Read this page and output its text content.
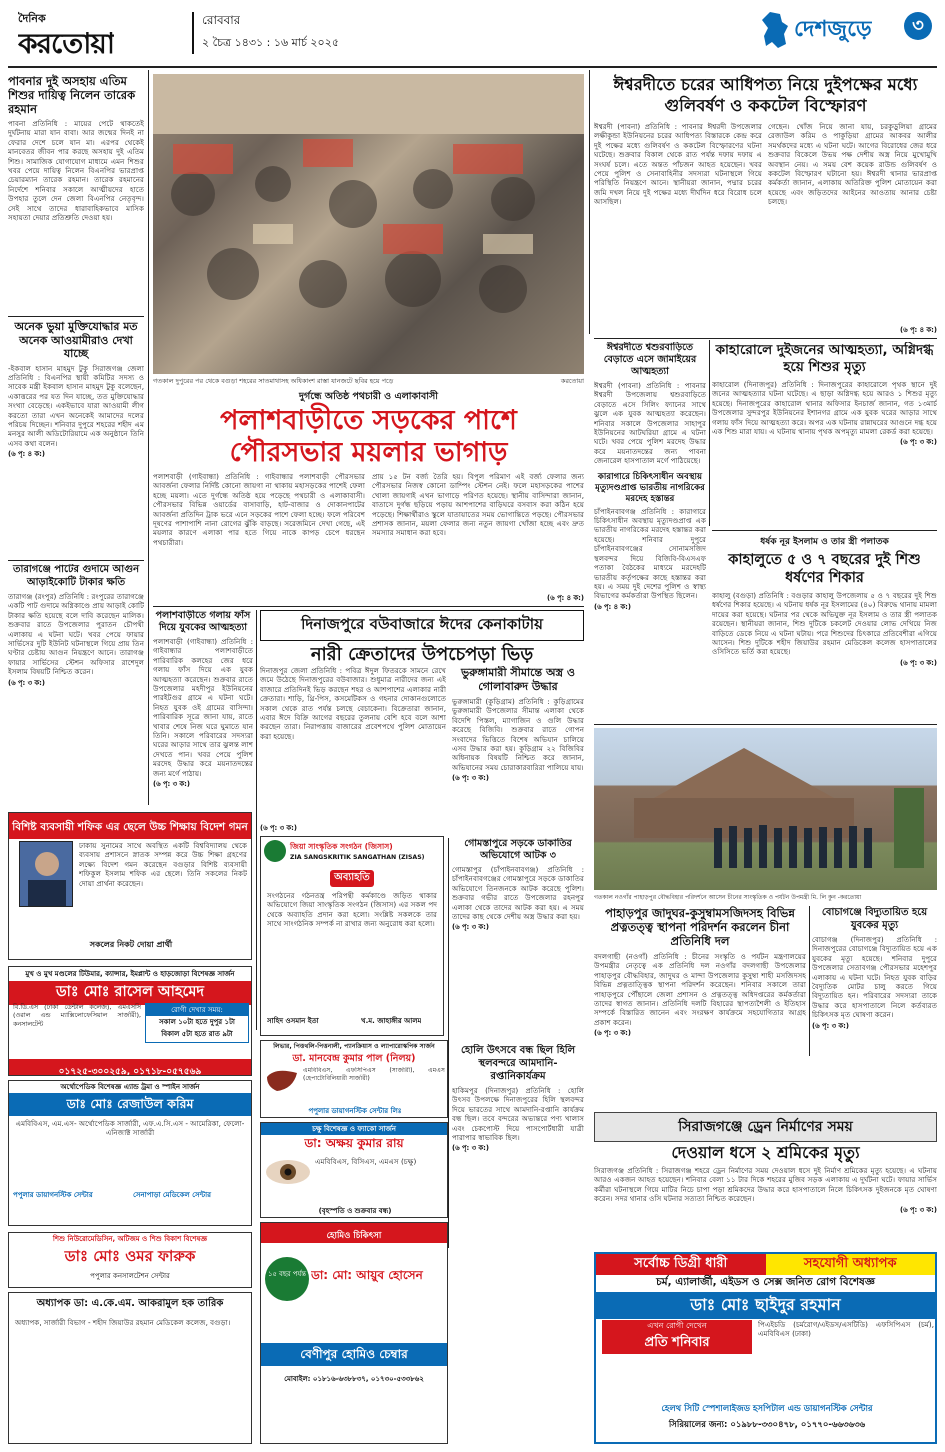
দৈনিক
করতোয়া
রোববার
২ চৈত্র ১৪৩১ : ১৬ মার্চ ২০২৫
দেশজুড়ে	৩
পাবনার দুই অসহায় এতিম শিশুর দায়িত্ব নিলেন তারেক রহমান
পাবনা প্রতিনিধি : মায়ের পেটে থাকতেই দুর্ঘটনায় মারা যান বাবা। আর জন্মের দিনই না ফেরার দেশে চলে যান মা। এরপর থেকেই মানবেতর জীবন পার করছে অসহায় দুই এতিম শিশু। সামাজিক যোগাযোগ মাধ্যমে এমন শিশুর খবর পেয়ে দায়িত্ব নিলেন বিএনপির ভারপ্রাপ্ত চেয়ারম্যান তারেক রহমান। তারেক রহমানের নির্দেশে শনিবার সকালে আত্মীয়দের হাতে উপহার তুলে দেন জেলা বিএনপির নেতৃবৃন্দ। সেই সাথে তাদের ধারাবাহিকভাবে মাসিক সহায়তা দেয়ার প্রতিশ্রুতি দেওয়া হয়।
অনেক ভুয়া মুক্তিযোদ্ধার মত অনেক আওয়ামীরাও দেখা যাচ্ছে
-ইকবাল হাসান মাহমুদ টুকু সিরাজগঞ্জ জেলা প্রতিনিধি : বিএনপির স্থায়ী কমিটির সদস্য ও সাবেক মন্ত্রী ইকবাল হাসান মাহমুদ টুকু বলেছেন, একাত্তরের পর যত দিন যাচ্ছে, তত মুক্তিযোদ্ধার সংখ্যা বেড়েছে। একইভাবে যারা আওয়ামী লীগ করতো তারা এখন অনেকেই আমাদের দলের পরিচয় দিচ্ছেন। শনিবার দুপুরে শহরের শহীদ এম মনসুর আলী অডিটোরিয়ামে এক অনুষ্ঠানে তিনি এসব কথা বলেন।
(৬ পৃ: ৪ ক:)
তারাগঞ্জে পাটের গুদামে আগুন আড়াইকোটি টাকার ক্ষতি
তারাগঞ্জ (রংপুর) প্রতিনিধি : রংপুরের তারাগঞ্জে একটি পাট গুদামে অগ্নিকাণ্ডে প্রায় আড়াই কোটি টাকার ক্ষতি হয়েছে বলে দাবি করেছেন মালিক। শুক্রবার রাতে উপজেলার পুরাতন চৌপথী এলাকায় এ ঘটনা ঘটে। খবর পেয়ে ফায়ার সার্ভিসের দুটি ইউনিট ঘটনাস্থলে গিয়ে প্রায় তিন ঘণ্টার চেষ্টায় আগুন নিয়ন্ত্রণে আনে। তারাগঞ্জ ফায়ার সার্ভিসের স্টেশন অফিসার রাশেদুল ইসলাম বিষয়টি নিশ্চিত করেন।
(৬ পৃ: ৩ ক:)
গতকাল দুপুরের পর থেকে বগুড়া শহরের সাতমাথাসহ অধিকাংশ রাস্তা যানজটে ছবির হয়ে পড়ে	করতোয়া
ঈশ্বরদীতে চরের আধিপত্য নিয়ে দুইপক্ষের মধ্যে গুলিবর্ষণ ও ককটেল বিস্ফোরণ
ঈশ্বরদী (পাবনা) প্রতিনিধি : পাবনার ঈশ্বরদী উপজেলার লক্ষীকুন্ডা ইউনিয়নের চরের আধিপত্য বিস্তারকে কেন্দ্র করে দুই পক্ষের মধ্যে গুলিবর্ষণ ও ককটেল বিস্ফোরণের ঘটনা ঘটেছে। শুক্রবার বিকাল থেকে রাত পর্যন্ত দফায় দফায় এ সংঘর্ষ চলে। এতে অন্তত পাঁচজন আহত হয়েছেন। খবর পেয়ে পুলিশ ও সেনাবাহিনীর সদস্যরা ঘটনাস্থলে গিয়ে পরিস্থিতি নিয়ন্ত্রণে আনে। স্থানীয়রা জানান, পদ্মার চরের জমি দখল নিয়ে দুই পক্ষের মধ্যে দীর্ঘদিন ধরে বিরোধ চলে আসছিল।
গেছেন। খোঁজ নিয়ে জানা যায়, চরকুড়ুলিয়া গ্রামের রেজাউল করিম ও পাকুড়িয়া গ্রামের আকবর আলীর সমর্থকদের মধ্যে এ ঘটনা ঘটে। আগের বিরোধের জের ধরে শুক্রবার বিকেলে উভয় পক্ষ দেশীয় অস্ত্র নিয়ে মুখোমুখি অবস্থান নেয়। এ সময় বেশ কয়েক রাউন্ড গুলিবর্ষণ ও ককটেল বিস্ফোরণ ঘটানো হয়। ঈশ্বরদী থানার ভারপ্রাপ্ত কর্মকর্তা জানান, এলাকায় অতিরিক্ত পুলিশ মোতায়েন করা হয়েছে এবং জড়িতদের আইনের আওতায় আনার চেষ্টা চলছে।
(৬ পৃ: ৪ ক:)
দুর্গন্ধে অতিষ্ঠ পথচারী ও এলাকাবাসী
পলাশবাড়ীতে সড়কের পাশে
পৌরসভার ময়লার ভাগাড়
পলাশবাড়ী (গাইবান্ধা) প্রতিনিধি : গাইবান্ধার পলাশবাড়ী পৌরসভার আবর্জনা ফেলার নির্দিষ্ট কোনো জায়গা না থাকায় মহাসড়কের পাশেই ফেলা হচ্ছে ময়লা। এতে দুর্গন্ধে অতিষ্ঠ হয়ে পড়েছে পথচারী ও এলাকাবাসী। পৌরসভার বিভিন্ন ওয়ার্ডের বাসাবাড়ি, হাট-বাজার ও দোকানপাটের আবর্জনা প্রতিদিন ট্রাক ভরে এনে সড়কের পাশে ফেলা হচ্ছে। ফলে পরিবেশ দূষণের পাশাপাশি নানা রোগের ঝুঁকি বাড়ছে। সরেজমিনে দেখা গেছে, এই ময়লার কারণে এলাকা পার হতে গিয়ে নাকে কাপড় চেপে ধরছেন পথচারীরা।
প্রায় ১৫ টন বর্জ্য তৈরি হয়। বিপুল পরিমাণ এই বর্জ্য ফেলার জন্য পৌরসভার নিজস্ব কোনো ডাম্পিং স্টেশন নেই। ফলে মহাসড়কের পাশের খোলা জায়গাই এখন ভাগাড়ে পরিণত হয়েছে। স্থানীয় বাসিন্দারা জানান, বাতাসে দুর্গন্ধ ছড়িয়ে পড়ায় আশপাশের বাড়িঘরে বসবাস করা কঠিন হয়ে পড়েছে। শিক্ষার্থীরাও স্কুলে যাতায়াতের সময় ভোগান্তিতে পড়ছে। পৌরসভার প্রশাসক জানান, ময়লা ফেলার জন্য নতুন জায়গা খোঁজা হচ্ছে এবং দ্রুত সমস্যার সমাধান করা হবে।
(৬ পৃ: ৪ ক:)
ঈশ্বরদীতে শ্বশুরবাড়িতে বেড়াতে এসে জামাইয়ের আত্মহত্যা
ঈশ্বরদী (পাবনা) প্রতিনিধি : পাবনার ঈশ্বরদী উপজেলায় শ্বশুরবাড়িতে বেড়াতে এসে সিলিং ফ্যানের সাথে ঝুলে এক যুবক আত্মহত্যা করেছেন। শনিবার সকালে উপজেলার সাহাপুর ইউনিয়নের আটঘরিয়া গ্রামে এ ঘটনা ঘটে। খবর পেয়ে পুলিশ মরদেহ উদ্ধার করে ময়নাতদন্তের জন্য পাবনা জেনারেল হাসপাতাল মর্গে পাঠিয়েছে।
কারাগারে চিকিৎসাধীন অবস্থায় মৃত্যুদণ্ডপ্রাপ্ত ভারতীয় নাগরিকের মরদেহ হস্তান্তর
চাঁপাইনবাবগঞ্জ প্রতিনিধি : কারাগারে চিকিৎসাধীন অবস্থায় মৃত্যুদণ্ডপ্রাপ্ত এক ভারতীয় নাগরিকের মরদেহ হস্তান্তর করা হয়েছে। শনিবার দুপুরে চাঁপাইনবাবগঞ্জের সোনামসজিদ স্থলবন্দর দিয়ে বিজিবি-বিএসএফ পতাকা বৈঠকের মাধ্যমে মরদেহটি ভারতীয় কর্তৃপক্ষের কাছে হস্তান্তর করা হয়। এ সময় দুই দেশের পুলিশ ও স্বাস্থ্য বিভাগের কর্মকর্তারা উপস্থিত ছিলেন।
(৬ পৃ: ৪ ক:)
কাহারোলে দুইজনের আত্মহত্যা, অগ্নিদগ্ধ হয়ে শিশুর মৃত্যু
কাহারোল (দিনাজপুর) প্রতিনিধি : দিনাজপুরের কাহারোলে পৃথক স্থানে দুই জনের আত্মহত্যার ঘটনা ঘটেছে। এ ছাড়া অগ্নিদগ্ধ হয়ে আরও ১ শিশুর মৃত্যু হয়েছে। দিনাজপুরের কাহারোল থানার অফিসার ইনচার্জ জানান, গত ১৩মার্চ উপজেলার সুন্দরপুর ইউনিয়নের ইশানগর গ্রামে এক যুবক ঘরের আড়ার সাথে গলায় ফাঁস দিয়ে আত্মহত্যা করে। অপর এক ঘটনায় রান্নাঘরের আগুনে দগ্ধ হয়ে এক শিশু মারা যায়। এ ঘটনায় থানায় পৃথক অপমৃত্যু মামলা রেকর্ড করা হয়েছে।
(৬ পৃ: ৩ ক:)
ধর্ষক নূর ইসলাম ও তার স্ত্রী পলাতক
কাহালুতে ৫ ও ৭ বছরের দুই শিশু ধর্ষণের শিকার
কাহালু (বগুড়া) প্রতিনিধি : বগুড়ার কাহালু উপজেলায় ৫ ও ৭ বছরের দুই শিশু ধর্ষণের শিকার হয়েছে। এ ঘটনায় ধর্ষক নূর ইসলামের (৪০) বিরুদ্ধে থানায় মামলা দায়ের করা হয়েছে। ঘটনার পর থেকে অভিযুক্ত নূর ইসলাম ও তার স্ত্রী পলাতক রয়েছেন। স্থানীয়রা জানান, শিশু দুটিকে চকলেট দেওয়ার লোভ দেখিয়ে নিজ বাড়িতে ডেকে নিয়ে এ ঘটনা ঘটায়। পরে শিশুদের চিৎকারে প্রতিবেশীরা এগিয়ে আসেন। শিশু দুটিকে শহীদ জিয়াউর রহমান মেডিকেল কলেজ হাসপাতালের ওসিসিতে ভর্তি করা হয়েছে।
(৬ পৃ: ৩ ক:)
পলাশবাড়ীতে গলায় ফাঁস দিয়ে যুবকের আত্মহত্যা
পলাশবাড়ী (গাইবান্ধা) প্রতিনিধি : গাইবান্ধার পলাশবাড়ীতে পারিবারিক কলহের জের ধরে গলায় ফাঁস দিয়ে এক যুবক আত্মহত্যা করেছেন। শুক্রবার রাতে উপজেলার মহদীপুর ইউনিয়নের পারইটগুর গ্রামে এ ঘটনা ঘটে। নিহত যুবক ওই গ্রামের বাসিন্দা। পারিবারিক সূত্রে জানা যায়, রাতে খাবার শেষে নিজ ঘরে ঘুমাতে যান তিনি। সকালে পরিবারের সদস্যরা ঘরের আড়ার সাথে তার ঝুলন্ত লাশ দেখতে পান। খবর পেয়ে পুলিশ মরদেহ উদ্ধার করে ময়নাতদন্তের জন্য মর্গে পাঠায়।
(৬ পৃ: ৩ ক:)
দিনাজপুরে বউবাজারে ঈদের কেনাকাটায়
নারী ক্রেতাদের উপচেপড়া ভিড়
দিনাজপুর জেলা প্রতিনিধি : পবিত্র ঈদুল ফিতরকে সামনে রেখে জমে উঠেছে দিনাজপুরের বউবাজার। শুধুমাত্র নারীদের জন্য এই বাজারে প্রতিদিনই ভিড় করছেন শহর ও আশপাশের এলাকার নারী ক্রেতারা। শাড়ি, থ্রি-পিস, কসমেটিকস ও গহনার দোকানগুলোতে সকাল থেকে রাত পর্যন্ত চলছে বেচাকেনা। বিক্রেতারা জানান, এবার ঈদে বিক্রি আগের বছরের তুলনায় বেশি হবে বলে আশা করছেন তারা। নিরাপত্তায় বাজারের প্রবেশপথে পুলিশ মোতায়েন করা হয়েছে।
(৬ পৃ: ৩ ক:)
ভুরুঙ্গামারী সীমান্তে অস্ত্র ও গোলাবারুদ উদ্ধার
ভুরুঙ্গামারী (কুড়িগ্রাম) প্রতিনিধি : কুড়িগ্রামের ভুরুঙ্গামারী উপজেলার সীমান্ত এলাকা থেকে বিদেশি পিস্তল, ম্যাগাজিন ও গুলি উদ্ধার করেছে বিজিবি। শুক্রবার রাতে গোপন সংবাদের ভিত্তিতে বিশেষ অভিযান চালিয়ে এসব উদ্ধার করা হয়। কুড়িগ্রাম ২২ বিজিবির অধিনায়ক বিষয়টি নিশ্চিত করে জানান, অভিযানের সময় চোরাকারবারিরা পালিয়ে যায়।
(৬ পৃ: ৩ ক:)
গতকাল নওগাঁর পাহাড়পুর বৌদ্ধবিহার পরিদর্শনে আসেন চীনের সাংস্কৃতিক ও পর্যটন উপমন্ত্রী মি. লি কুন -করতোয়া
পাহাড়পুর জাদুঘর-কুসুম্বামসজিদসহ বিভিন্ন প্রত্নতত্ত্ব স্থাপনা পরিদর্শন করলেন চীনা প্রতিনিধি দল
বদলগাছী (নওগাঁ) প্রতিনিধি : চীনের সংস্কৃতি ও পর্যটন মন্ত্রণালয়ের উপমন্ত্রীর নেতৃত্বে এক প্রতিনিধি দল নওগাঁর বদলগাছী উপজেলার পাহাড়পুর বৌদ্ধবিহার, জাদুঘর ও মান্দা উপজেলার কুসুম্বা শাহী মসজিদসহ বিভিন্ন প্রত্নতাত্ত্বিক স্থাপনা পরিদর্শন করেছেন। শনিবার সকালে তারা পাহাড়পুরে পৌঁছালে জেলা প্রশাসন ও প্রত্নতত্ত্ব অধিদপ্তরের কর্মকর্তারা তাদের স্বাগত জানান। প্রতিনিধি দলটি বিহারের স্থাপত্যশৈলী ও ইতিহাস সম্পর্কে বিস্তারিত জানেন এবং সংরক্ষণ কার্যক্রমে সহযোগিতার আগ্রহ প্রকাশ করেন।
(৬ পৃ: ৩ ক:)
বোচাগঞ্জে বিদ্যুতায়িত হয়ে যুবকের মৃত্যু
বোচাগঞ্জ (দিনাজপুর) প্রতিনিধি : দিনাজপুরের বোচাগঞ্জে বিদ্যুতায়িত হয়ে এক যুবকের মৃত্যু হয়েছে। শনিবার দুপুরে উপজেলার সেতাবগঞ্জ পৌরসভার মহেশপুর এলাকায় এ ঘটনা ঘটে। নিহত যুবক বাড়ির বৈদ্যুতিক মোটর চালু করতে গিয়ে বিদ্যুতায়িত হন। পরিবারের সদস্যরা তাকে উদ্ধার করে হাসপাতালে নিলে কর্তব্যরত চিকিৎসক মৃত ঘোষণা করেন।
(৬ পৃ: ৩ ক:)
সিরাজগঞ্জে ড্রেন নির্মাণের সময়
দেওয়াল ধসে ২ শ্রমিকের মৃত্যু
সিরাজগঞ্জ প্রতিনিধি : সিরাজগঞ্জ শহরে ড্রেন নির্মাণের সময় দেওয়াল ধসে দুই নির্মাণ শ্রমিকের মৃত্যু হয়েছে। এ ঘটনায় আরও একজন আহত হয়েছেন। শনিবার বেলা ১১ টার দিকে শহরের মুজিব সড়ক এলাকায় এ দুর্ঘটনা ঘটে। ফায়ার সার্ভিস কর্মীরা ঘটনাস্থলে গিয়ে মাটির নিচে চাপা পড়া শ্রমিকদের উদ্ধার করে হাসপাতালে নিলে চিকিৎসক দুইজনকে মৃত ঘোষণা করেন। সদর থানার ওসি ঘটনার সত্যতা নিশ্চিত করেছেন।
(৬ পৃ: ৩ ক:)
গোমস্তাপুরে সড়কে ডাকাতির অভিযোগে আটক ৩
গোমস্তাপুর (চাঁপাইনবাবগঞ্জ) প্রতিনিধি : চাঁপাইনবাবগঞ্জের গোমস্তাপুরে সড়কে ডাকাতির অভিযোগে তিনজনকে আটক করেছে পুলিশ। শুক্রবার গভীর রাতে উপজেলার রহনপুর এলাকা থেকে তাদের আটক করা হয়। এ সময় তাদের কাছ থেকে দেশীয় অস্ত্র উদ্ধার করা হয়।
(৬ পৃ: ৩ ক:)
হোলি উৎসবে বন্ধ ছিল হিলি স্থলবন্দরে আমদানি-রপ্তানিকার্যক্রম
হাকিমপুর (দিনাজপুর) প্রতিনিধি : হোলি উৎসব উপলক্ষে দিনাজপুরের হিলি স্থলবন্দর দিয়ে ভারতের সাথে আমদানি-রপ্তানি কার্যক্রম বন্ধ ছিল। তবে বন্দরের অভ্যন্তরে পণ্য খালাস এবং চেকপোস্ট দিয়ে পাসপোর্টধারী যাত্রী পারাপার স্বাভাবিক ছিল।
(৬ পৃ: ৩ ক:)
বিশিষ্ট ব্যবসায়ী শফিক এর ছেলে উচ্চ শিক্ষায় বিদেশ গমন
ঢাকায় সুনামের সাথে অবস্থিত একটি বিশ্ববিদ্যালয় থেকে ব্যবসায় প্রশাসনে স্নাতক সম্পন্ন করে উচ্চ শিক্ষা গ্রহণের লক্ষ্যে বিদেশ গমন করেছেন বগুড়ার বিশিষ্ট ব্যবসায়ী শফিকুল ইসলাম শফিক এর ছেলে। তিনি সকলের নিকট দোয়া প্রার্থনা করেছেন।
সকলের নিকট দোয়া প্রার্থী
মুখ ও মুখ মণ্ডলের টিউমার, ক্যান্সার, ইমপ্লান্ট ও হাড়জোড়া বিশেষজ্ঞ সার্জন
ডাঃ মোঃ রাসেল আহমেদ
বি.ডি.এস (ঢাকা ডেন্টাল কলেজ), এমএসসি (ওরাল এন্ড ম্যাক্সিলোফেসিয়াল সার্জারী), কনসালটেন্ট
রোগী দেখার সময়:
সকাল ১০টা হতে দুপুর ১টা
বিকাল ৫টা হতে রাত ৯টা
০১৭২৫-৩০০২৫৯, ০১৭১৮-০৫৭৫৬৯
অর্থোপেডিক বিশেষজ্ঞ এ্যান্ড ট্রমা ও স্পাইন সার্জন
ডাঃ মোঃ রেজাউল করিম
এমবিবিএস, এম.এস- অর্থোপেডিক সার্জারী, এফ.এ.সি.এস - আমেরিকা, ফেলো- এনিজাক্ট সার্জারী
পপুলার ডায়াগনস্টিক সেন্টার	সেনাপাড়া মেডিকেল সেন্টার
শিশু নিউরোমেডিসিন, অটিজম ও শিশু বিকাশ বিশেষজ্ঞ
ডাঃ মোঃ ওমর ফারুক
পপুলার কনসালটেশন সেন্টার
অধ্যাপক ডা: এ.কে.এম. আকরামুল হক তারিক
অধ্যাপক, সার্জারী বিভাগ - শহীদ জিয়াউর রহমান মেডিকেল কলেজ, বগুড়া।
জিয়া সাংস্কৃতিক সংগঠন (জিসাস)
ZIA SANGSKRITIK SANGATHAN (ZISAS)
অব্যাহতি
সংগঠনের গঠনতন্ত্র পরিপন্থী কর্মকাণ্ডে জড়িত থাকার অভিযোগে জিয়া সাংস্কৃতিক সংগঠন (জিসাস) এর সকল পদ থেকে অব্যাহতি প্রদান করা হলো। সংশ্লিষ্ট সকলকে তার সাথে সাংগঠনিক সম্পর্ক না রাখার জন্য অনুরোধ করা হলো।
সাহিদ ওসমান ইতা	খ.ম. জাহাঙ্গীর আলম
লিভার, পিত্তথলি-পিত্তনালী, প্যানক্রিয়াস ও ল্যাপারোস্কপিক সার্জন
ডা. মানবেন্দ্র কুমার পাল (নিলয়)
এমবিবিএস, এফসিপিএস (সার্জারী), এমএস (হেপাটোবিলিয়ারী সার্জারী)
পপুলার ডায়াগনস্টিক সেন্টার লিঃ
চক্ষু বিশেষজ্ঞ ও ফ্যাকো সার্জন
ডা: অক্ষয় কুমার রায়
এমবিবিএস, বিসিএস, এমএস (চক্ষু)
(বৃহস্পতি ও শুক্রবার বন্ধ)
হোমিও চিকিৎসা
১৫ বছর পর্যন্ত ডা: মো: আয়ুব হোসেন
বেণীপুর হোমিও চেম্বার
মোবাইল: ০১৮১৬-৬৩৮৮৩৭, ০১৭৩০-৫৩৩৮৬২
সর্বোচ্চ ডিগ্রী ধারী	সহযোগী অধ্যাপক
চর্ম, এ্যালার্জী, এইডস ও সেক্স জনিত রোগ বিশেষজ্ঞ
ডাঃ মোঃ ছাইদুর রহমান
এখন রোগী দেখেন
প্রতি শনিবার
পিএইচডি (চর্মরোগ/এইডস/এসটিডি) এফসিপিএস (চর্ম), এমবিবিএস (ঢাকা)
হেলথ সিটি স্পেশালাইজড হসপিটাল এন্ড ডায়াগনস্টিক সেন্টার
সিরিয়ালের জন্য: ০১৯৮৮-৩৩০৪৭৮, ০১৭৭০-৬৬৩৬৩৬
